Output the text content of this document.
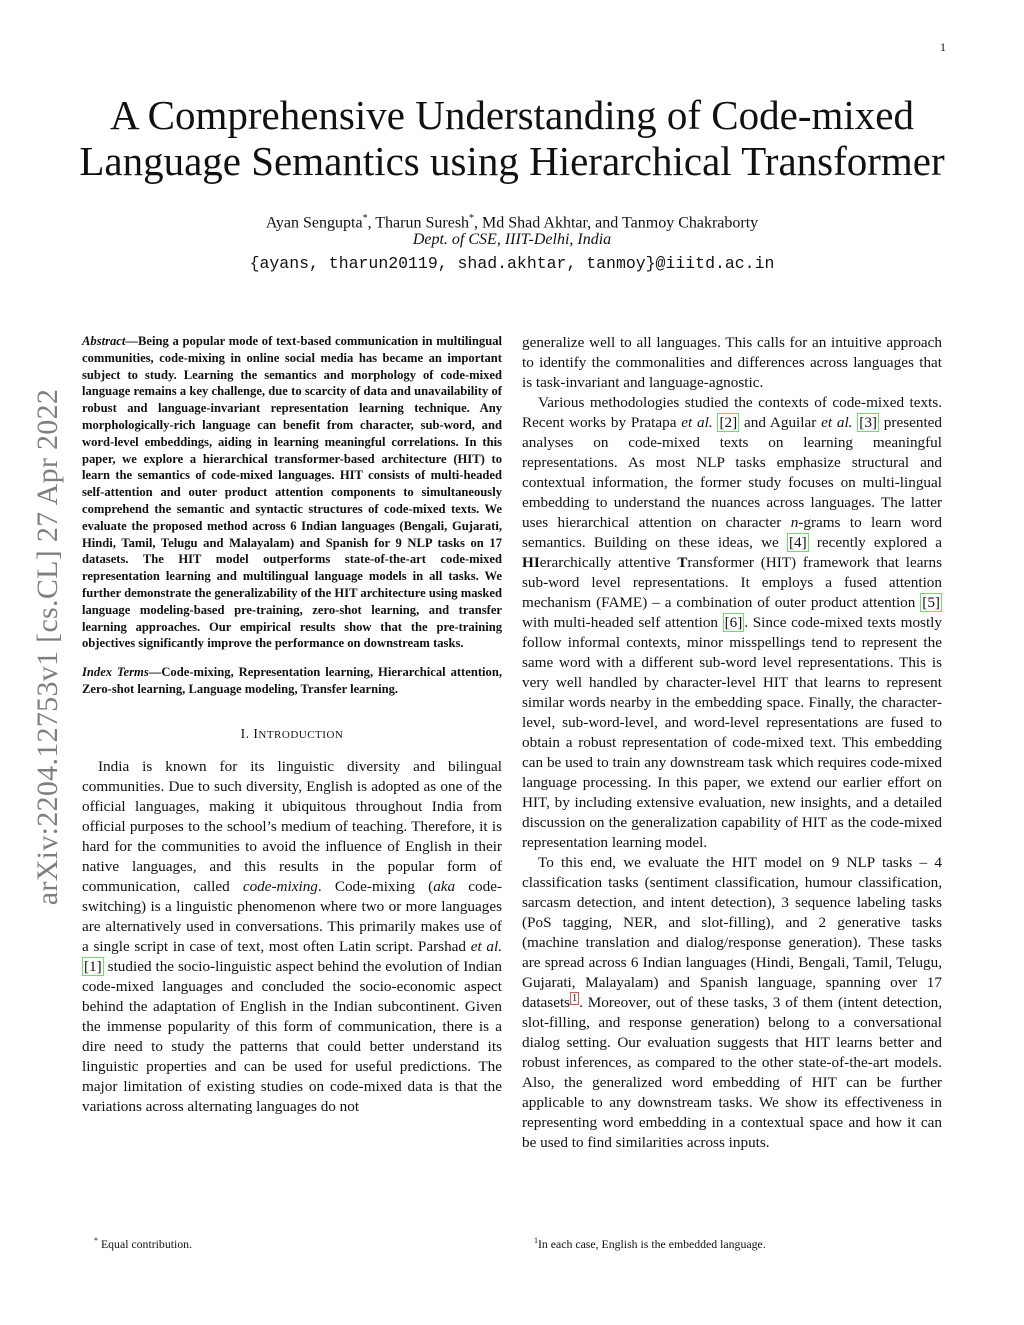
1
arXiv:2204.12753v1 [cs.CL] 27 Apr 2022
A Comprehensive Understanding of Code-mixed
Language Semantics using Hierarchical Transformer
Ayan Sengupta*, Tharun Suresh*, Md Shad Akhtar, and Tanmoy Chakraborty
Dept. of CSE, IIIT-Delhi, India
{ayans, tharun20119, shad.akhtar, tanmoy}@iiitd.ac.in
Abstract—Being a popular mode of text-based communication in multilingual communities, code-mixing in online social media has became an important subject to study. Learning the semantics and morphology of code-mixed language remains a key challenge, due to scarcity of data and unavailability of robust and language-invariant representation learning technique. Any morphologically-rich language can benefit from character, sub-word, and word-level embeddings, aiding in learning meaningful correlations. In this paper, we explore a hierarchical transformer-based architecture (HIT) to learn the semantics of code-mixed languages. HIT consists of multi-headed self-attention and outer product attention components to simultaneously comprehend the semantic and syntactic structures of code-mixed texts. We evaluate the proposed method across 6 Indian languages (Bengali, Gujarati, Hindi, Tamil, Telugu and Malayalam) and Spanish for 9 NLP tasks on 17 datasets. The HIT model outperforms state-of-the-art code-mixed representation learning and multilingual language models in all tasks. We further demonstrate the generalizability of the HIT architecture using masked language modeling-based pre-training, zero-shot learning, and transfer learning approaches. Our empirical results show that the pre-training objectives significantly improve the performance on downstream tasks.
Index Terms—Code-mixing, Representation learning, Hierarchical attention, Zero-shot learning, Language modeling, Transfer learning.
I. INTRODUCTION

India is known for its linguistic diversity and bilingual communities. Due to such diversity, English is adopted as one of the official languages, making it ubiquitous throughout India from official purposes to the school’s medium of teaching. Therefore, it is hard for the communities to avoid the influence of English in their native languages, and this results in the popular form of communication, called code-mixing. Code-mixing (aka code-switching) is a linguistic phenomenon where two or more languages are alternatively used in conversations. This primarily makes use of a single script in case of text, most often Latin script. Parshad et al. [1] studied the socio-linguistic aspect behind the evolution of Indian code-mixed languages and concluded the socio-economic aspect behind the adaptation of English in the Indian subcontinent. Given the immense popularity of this form of communication, there is a dire need to study the patterns that could better understand its linguistic properties and can be used for useful predictions. The major limitation of existing studies on code-mixed data is that the variations across alternating languages do not

generalize well to all languages. This calls for an intuitive approach to identify the commonalities and differences across languages that is task-invariant and language-agnostic.

Various methodologies studied the contexts of code-mixed texts. Recent works by Pratapa et al. [2] and Aguilar et al. [3] presented analyses on code-mixed texts on learning meaningful representations. As most NLP tasks emphasize structural and contextual information, the former study focuses on multi-lingual embedding to understand the nuances across languages. The latter uses hierarchical attention on character n-grams to learn word semantics. Building on these ideas, we [4] recently explored a HIerarchically attentive Transformer (HIT) framework that learns sub-word level representations. It employs a fused attention mechanism (FAME) – a combination of outer product attention [5] with multi-headed self attention [6] . Since code-mixed texts mostly follow informal contexts, minor misspellings tend to represent the same word with a different sub-word level representations. This is very well handled by character-level HIT that learns to represent similar words nearby in the embedding space. Finally, the character-level, sub-word-level, and word-level representations are fused to obtain a robust representation of code-mixed text. This embedding can be used to train any downstream task which requires code-mixed language processing. In this paper, we extend our earlier effort on HIT, by including extensive evaluation, new insights, and a detailed discussion on the generalization capability of HIT as the code-mixed representation learning model.

To this end, we evaluate the HIT model on 9 NLP tasks – 4 classification tasks (sentiment classification, humour classification, sarcasm detection, and intent detection), 3 sequence labeling tasks (PoS tagging, NER, and slot-filling), and 2 generative tasks (machine translation and dialog/response generation). These tasks are spread across 6 Indian languages (Hindi, Bengali, Tamil, Telugu, Gujarati, Malayalam) and Spanish language, spanning over 17 datasets $^1$ . Moreover, out of these tasks, 3 of them (intent detection, slot-filling, and response generation) belong to a conversational dialog setting. Our evaluation suggests that HIT learns better and robust inferences, as compared to the other state-of-the-art models. Also, the generalized word embedding of HIT can be further applicable to any downstream tasks. We show its effectiveness in representing word embedding in a contextual space and how it can be used to find similarities across inputs.

* Equal contribution.	$^1$In each case, English is the embedded language.
